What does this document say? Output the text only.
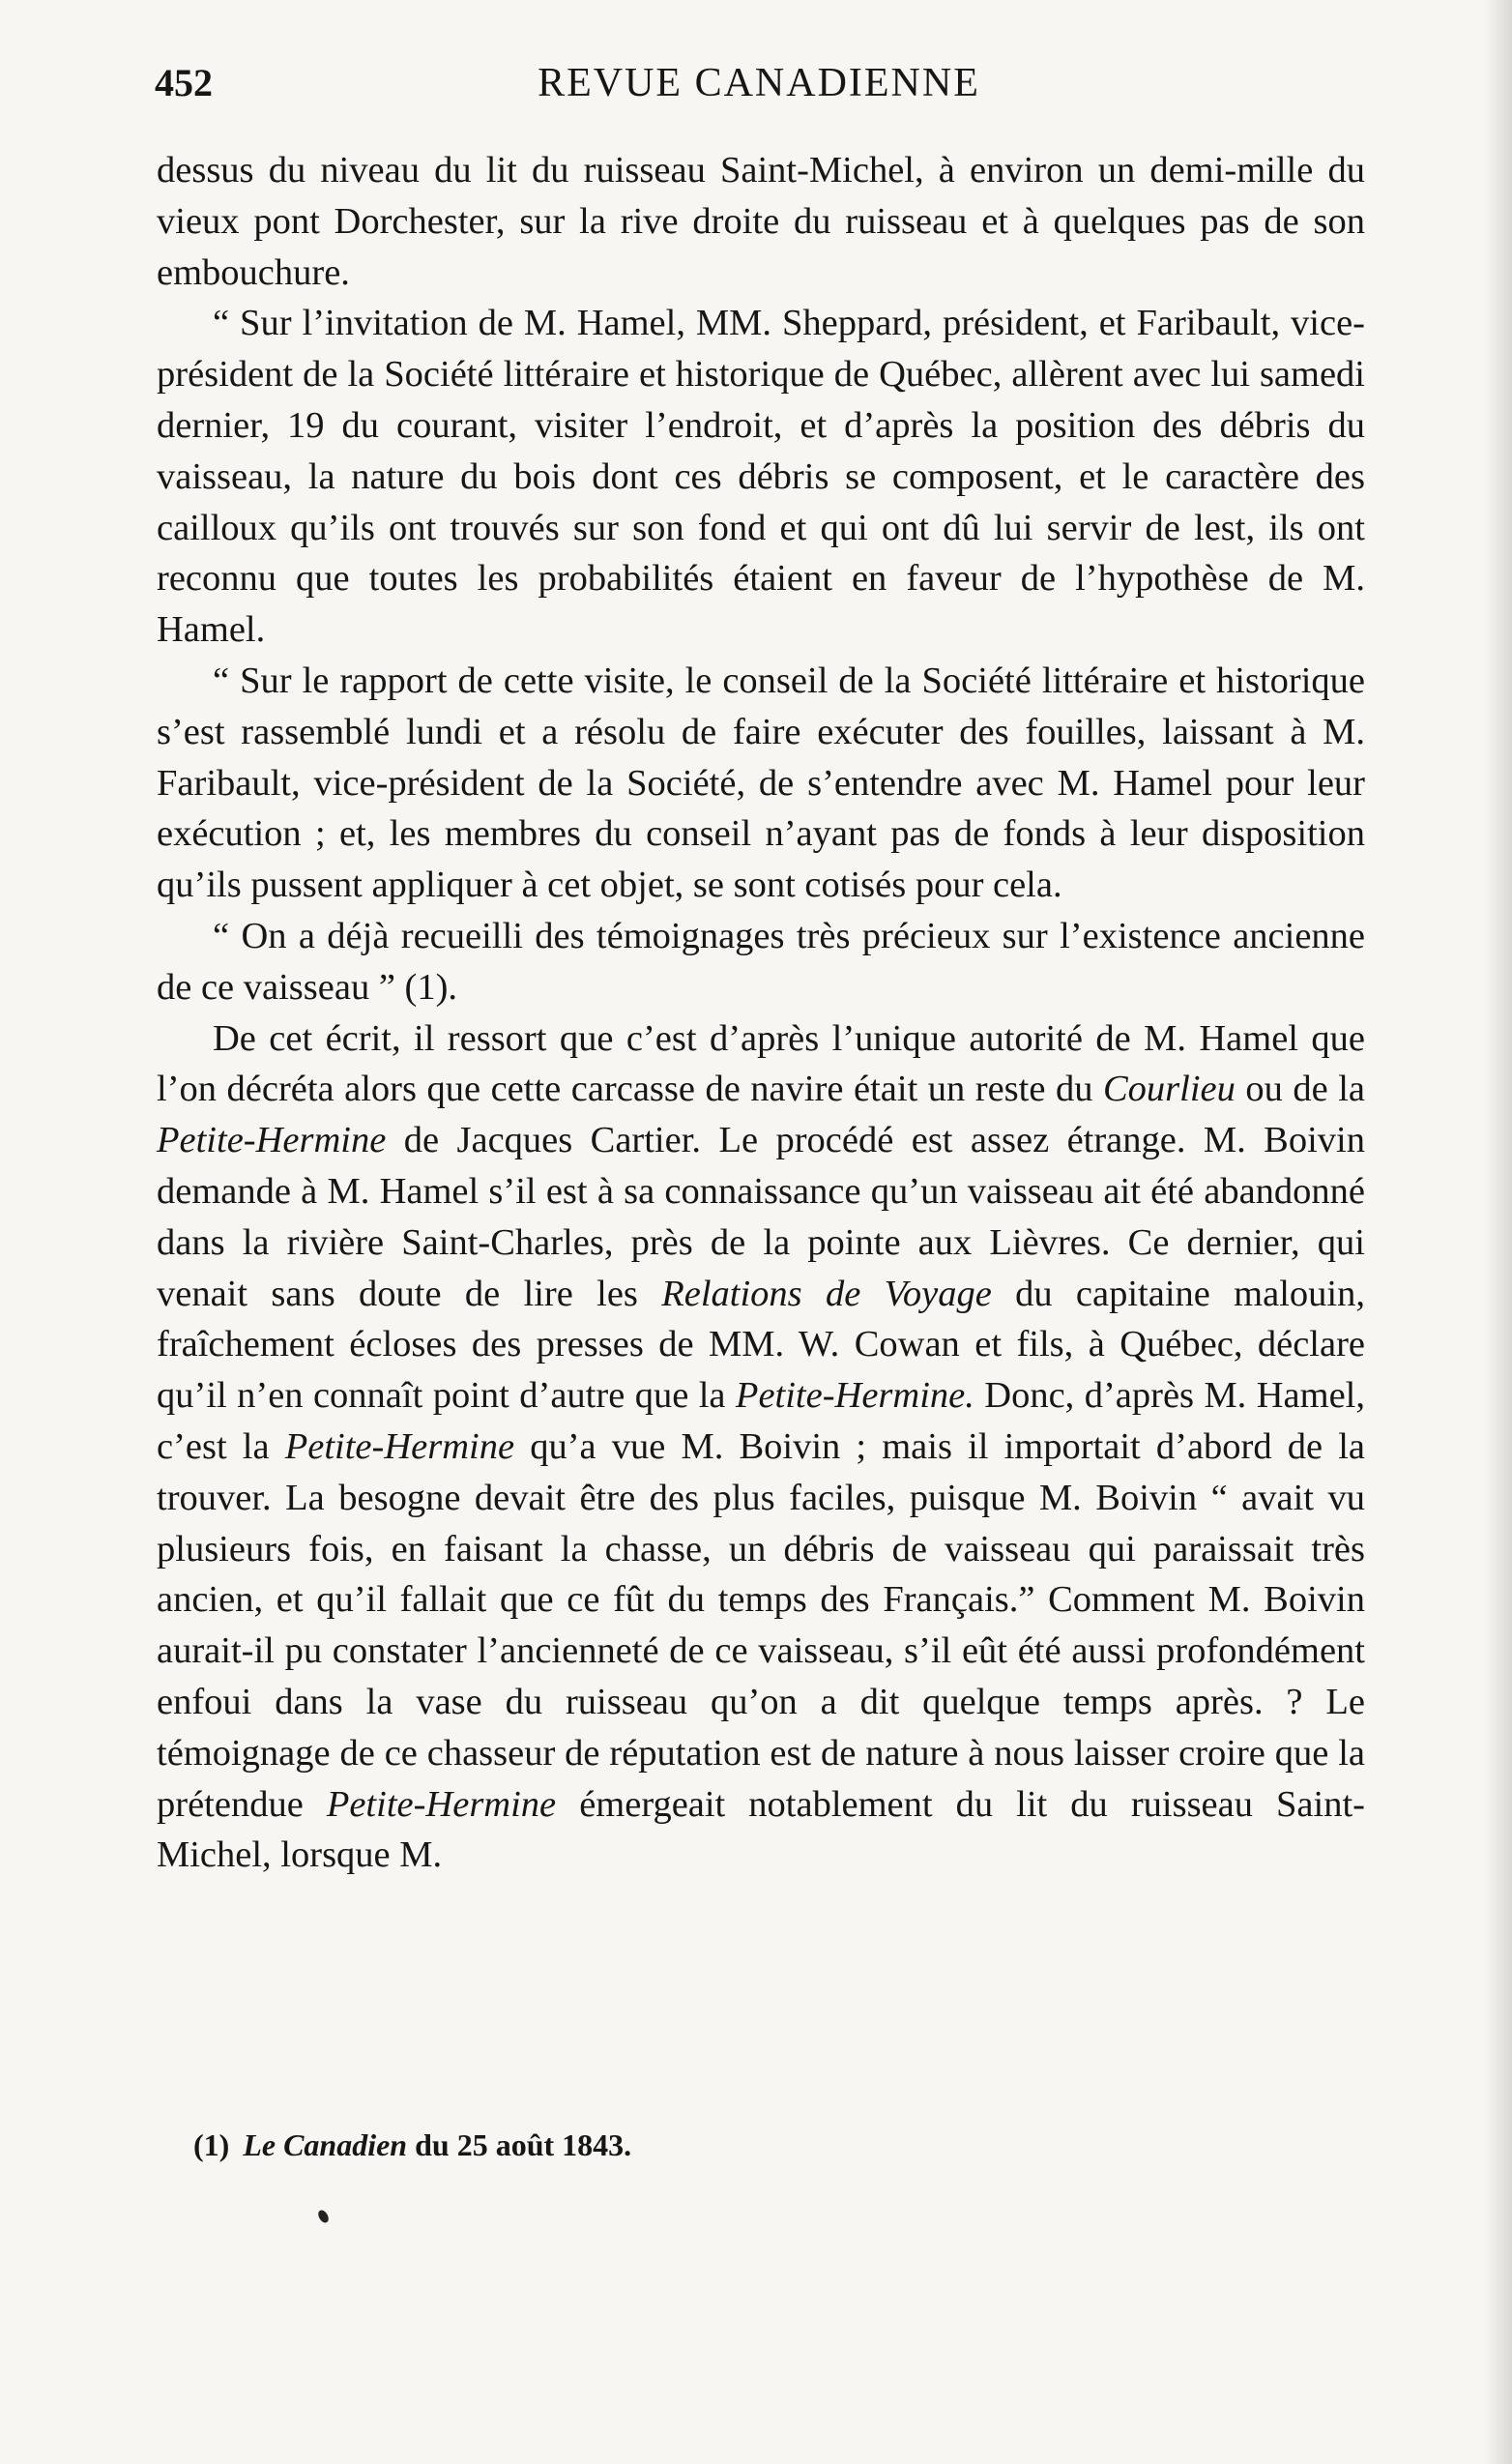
452	REVUE CANADIENNE

dessus du niveau du lit du ruisseau Saint-Michel, à environ un demi-mille du vieux pont Dorchester, sur la rive droite du ruisseau et à quelques pas de son embouchure.

“ Sur l’invitation de M. Hamel, MM. Sheppard, président, et Faribault, vice-président de la Société littéraire et historique de Québec, allèrent avec lui samedi dernier, 19 du courant, visiter l’endroit, et d’après la position des débris du vaisseau, la nature du bois dont ces débris se composent, et le caractère des cailloux qu’ils ont trouvés sur son fond et qui ont dû lui servir de lest, ils ont reconnu que toutes les probabilités étaient en faveur de l’hypothèse de M. Hamel.

“ Sur le rapport de cette visite, le conseil de la Société littéraire et historique s’est rassemblé lundi et a résolu de faire exécuter des fouilles, laissant à M. Faribault, vice-président de la Société, de s’entendre avec M. Hamel pour leur exécution ; et, les membres du conseil n’ayant pas de fonds à leur disposition qu’ils pussent appliquer à cet objet, se sont cotisés pour cela.

“ On a déjà recueilli des témoignages très précieux sur l’existence ancienne de ce vaisseau ” (1).

De cet écrit, il ressort que c’est d’après l’unique autorité de M. Hamel que l’on décréta alors que cette carcasse de navire était un reste du Courlieu ou de la Petite-Hermine de Jacques Cartier. Le procédé est assez étrange. M. Boivin demande à M. Hamel s’il est à sa connaissance qu’un vaisseau ait été abandonné dans la rivière Saint-Charles, près de la pointe aux Lièvres. Ce dernier, qui venait sans doute de lire les Relations de Voyage du capitaine malouin, fraîchement écloses des presses de MM. W. Cowan et fils, à Québec, déclare qu’il n’en connaît point d’autre que la Petite-Hermine. Donc, d’après M. Hamel, c’est la Petite-Hermine qu’a vue M. Boivin ; mais il importait d’abord de la trouver. La besogne devait être des plus faciles, puisque M. Boivin “ avait vu plusieurs fois, en faisant la chasse, un débris de vaisseau qui paraissait très ancien, et qu’il fallait que ce fût du temps des Français.” Comment M. Boivin aurait-il pu constater l’ancienneté de ce vaisseau, s’il eût été aussi profondément enfoui dans la vase du ruisseau qu’on a dit quelque temps après. ? Le témoignage de ce chasseur de réputation est de nature à nous laisser croire que la prétendue Petite-Hermine émergeait notablement du lit du ruisseau Saint-Michel, lorsque M.

(1) Le Canadien du 25 août 1843.
